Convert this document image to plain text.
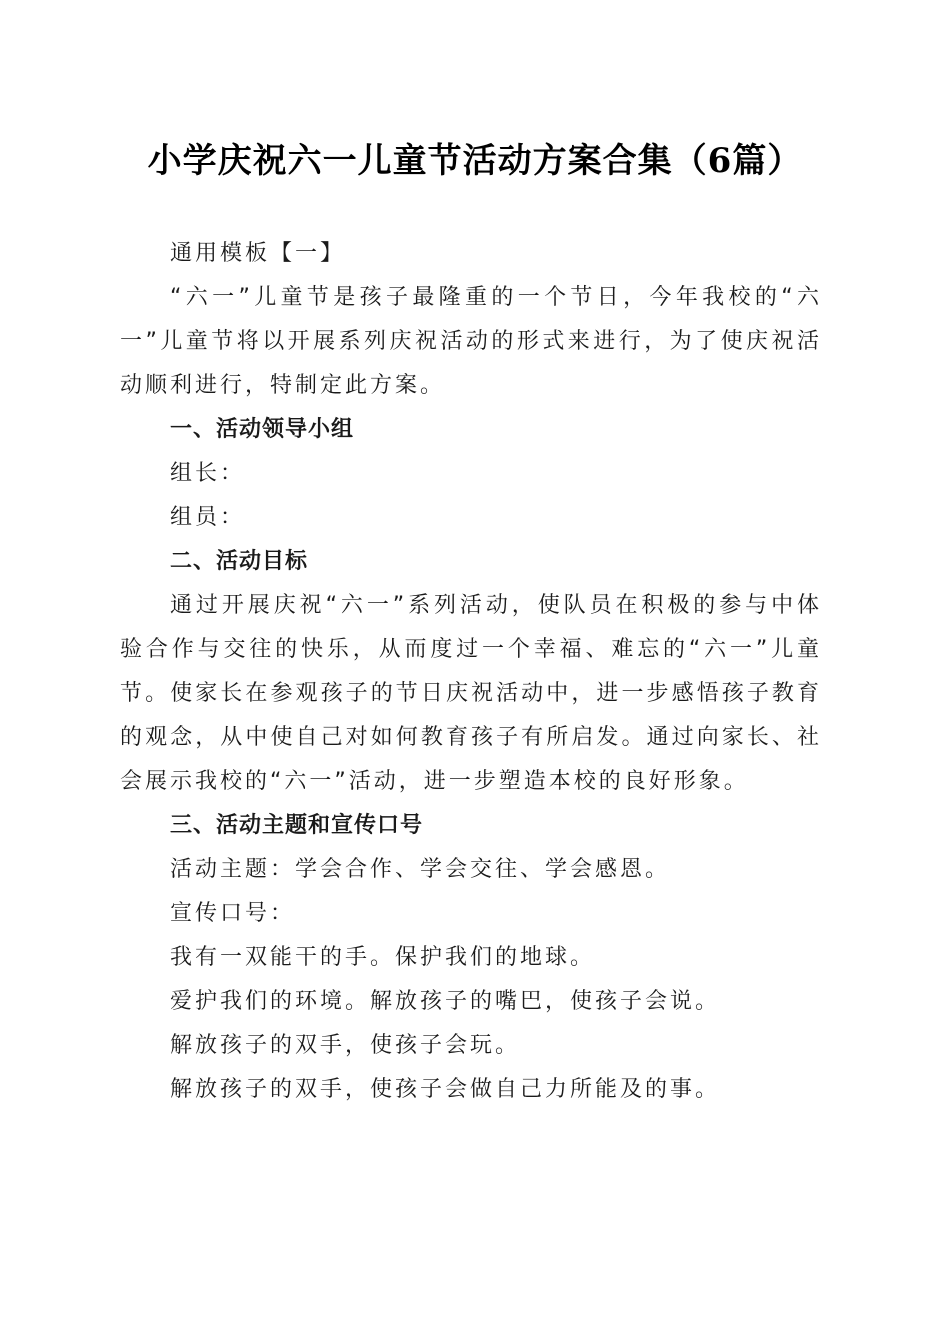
小学庆祝六一儿童节活动方案合集（6篇）

通用模板【一】

“六一”儿童节是孩子最隆重的一个节日，今年我校的“六一”儿童节将以开展系列庆祝活动的形式来进行，为了使庆祝活动顺利进行，特制定此方案。

一、活动领导小组

组长：

组员：

二、活动目标

通过开展庆祝“六一”系列活动，使队员在积极的参与中体验合作与交往的快乐，从而度过一个幸福、难忘的“六一”儿童节。使家长在参观孩子的节日庆祝活动中，进一步感悟孩子教育的观念，从中使自己对如何教育孩子有所启发。通过向家长、社会展示我校的“六一”活动，进一步塑造本校的良好形象。

三、活动主题和宣传口号

活动主题：学会合作、学会交往、学会感恩。

宣传口号：

我有一双能干的手。保护我们的地球。

爱护我们的环境。解放孩子的嘴巴，使孩子会说。

解放孩子的双手，使孩子会玩。

解放孩子的双手，使孩子会做自己力所能及的事。
